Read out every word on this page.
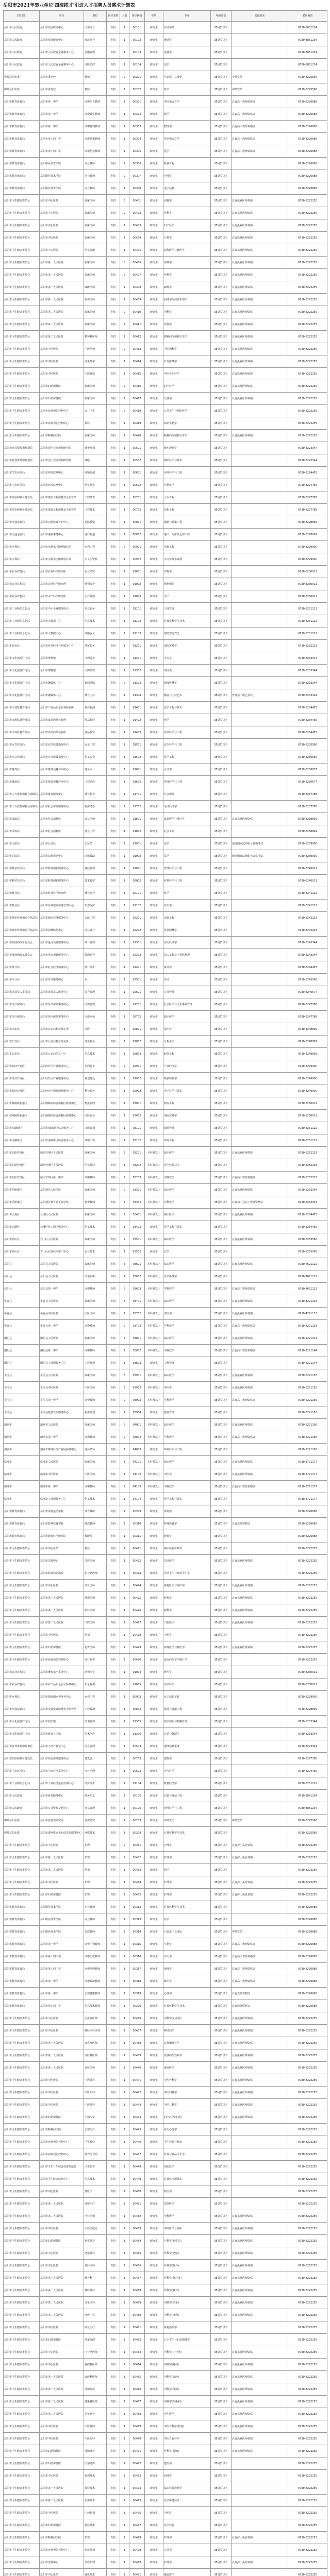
岳阳市2021年事业单位'四海揽才'引进人才招聘人员需求计划表
主管部门	单位	职位	岗位类别	人数	岗位代码	学历	专业	年龄要求	其他要求	联系电话
岳阳市人民政府	岳阳市发展研究中心	文字综合	专技	1	00101	研究生	经济学类	35周岁以下		0730-8881234
岳阳市人民政府	岳阳市发展研究中心	经济研究	专技	1	00102	研究生	统计学	35周岁以下		0730-8881234
岳阳市人民政府	岳阳市人民政府金融事务中心	金融管理	专技	1	00103	研究生	金融学	35周岁以下		0730-8881234
岳阳市人民政府	岳阳市人民政府金融事务中心	风险防控	专技	1	00104	研究生	法学	35周岁以下		0730-8881234
中共岳阳市委	岳阳市委党校	教师	专技	2	00201	研究生	马克思主义理论	35周岁以下	中共党员	0730-8225566
中共岳阳市委	岳阳市委党校	教师	专技	1	00202	研究生	哲学	35周岁以下	中共党员	0730-8225566
岳阳市教育体育局	岳阳市第一中学	高中语文教师	专技	1	00301	研究生	中国语言文学	35周岁以下	具有高中教师资格证	0730-8226688
岳阳市教育体育局	岳阳市第一中学	高中数学教师	专技	1	00302	研究生	数学	35周岁以下	具有高中教师资格证	0730-8226688
岳阳市教育体育局	岳阳市第一中学	高中物理教师	专技	1	00303	研究生	物理学	35周岁以下	具有高中教师资格证	0730-8226688
岳阳市教育体育局	岳阳市第十四中学	高中英语教师	专技	1	00304	研究生	英语语言文学	35周岁以下	具有高中教师资格证	0730-8226688
岳阳市教育体育局	岳阳市第十四中学	高中化学教师	专技	1	00305	研究生	化学	35周岁以下	具有高中教师资格证	0730-8226688
岳阳市教育体育局	岳阳职业技术学院	专业教师	专技	2	00306	研究生	机械工程	35周岁以下		0730-8226688
岳阳市教育体育局	岳阳职业技术学院	专业教师	专技	2	00307	研究生	护理学	35周岁以下		0730-8226688
岳阳市教育体育局	岳阳职业技术学院	专业教师	专技	1	00308	研究生	电子信息	35周岁以下		0730-8226688
岳阳市卫生健康委员会	岳阳市中心医院	临床医师	专技	3	00401	研究生	内科学	35周岁以下	具有执业医师资格	0730-8222255
岳阳市卫生健康委员会	岳阳市中心医院	临床医师	专技	2	00402	研究生	外科学	35周岁以下	具有执业医师资格	0730-8222255
岳阳市卫生健康委员会	岳阳市中心医院	临床医师	专技	1	00403	研究生	妇产科学	35周岁以下	具有执业医师资格	0730-8222255
岳阳市卫生健康委员会	岳阳市中心医院	临床医师	专技	1	00404	研究生	儿科学	35周岁以下	具有执业医师资格	0730-8222255
岳阳市卫生健康委员会	岳阳市中心医院	医学影像	专技	1	00405	研究生	影像医学与核医学	35周岁以下	具有执业医师资格	0730-8222255
岳阳市卫生健康委员会	岳阳市第一人民医院	临床医师	专技	3	00406	研究生	内科学	35周岁以下	具有执业医师资格	0730-8222255
岳阳市卫生健康委员会	岳阳市第一人民医院	临床医师	专技	2	00407	研究生	外科学	35周岁以下	具有执业医师资格	0730-8222255
岳阳市卫生健康委员会	岳阳市第一人民医院	麻醉医师	专技	1	00408	研究生	麻醉学	35周岁以下	具有执业医师资格	0730-8222255
岳阳市卫生健康委员会	岳阳市第一人民医院	病理医师	专技	1	00409	研究生	病理学与病理生理学	35周岁以下	具有执业医师资格	0730-8222255
岳阳市卫生健康委员会	岳阳市第二人民医院	临床医师	专技	2	00410	研究生	内科学	35周岁以下	具有执业医师资格	0730-8222255
岳阳市卫生健康委员会	岳阳市第二人民医院	临床医师	专技	2	00411	研究生	外科学	35周岁以下	具有执业医师资格	0730-8222255
岳阳市卫生健康委员会	岳阳市第二人民医院	精神科医师	专技	1	00412	研究生	精神病与精神卫生学	35周岁以下	具有执业医师资格	0730-8222255
岳阳市卫生健康委员会	岳阳市中医医院	中医医师	专技	2	00413	研究生	中医内科学	35周岁以下	具有执业医师资格	0730-8222255
岳阳市卫生健康委员会	岳阳市中医医院	针灸推拿	专技	1	00414	研究生	针灸推拿学	35周岁以下	具有执业医师资格	0730-8222255
岳阳市卫生健康委员会	岳阳市中医医院	中医骨伤	专技	1	00415	研究生	中医骨伤科学	35周岁以下	具有执业医师资格	0730-8222255
岳阳市卫生健康委员会	岳阳市妇幼保健院	临床医师	专技	2	00416	研究生	妇产科学	35周岁以下	具有执业医师资格	0730-8222255
岳阳市卫生健康委员会	岳阳市妇幼保健院	临床医师	专技	1	00417	研究生	儿科学	35周岁以下	具有执业医师资格	0730-8222255
岳阳市卫生健康委员会	岳阳市疾病预防控制中心	公共卫生	专技	2	00418	研究生	公共卫生与预防医学	35周岁以下		0730-8222255
岳阳市卫生健康委员会	岳阳市疾病预防控制中心	检验	专技	1	00419	研究生	病原生物学	35周岁以下		0730-8222255
岳阳市卫生健康委员会	岳阳市精神病医院	临床医师	专技	1	00420	研究生	精神病与精神卫生学	35周岁以下	具有执业医师资格	0730-8222255
岳阳市自然资源和规划局	岳阳市国土空间规划研究院	城乡规划	专技	1	00501	研究生	城乡规划学	35周岁以下		0730-8223344
岳阳市自然资源和规划局	岳阳市国土空间规划研究院	测绘	专技	1	00502	研究生	测绘科学与技术	35周岁以下		0730-8223344
岳阳市生态环境局	岳阳市环境监测中心	环境监测	专技	1	00601	研究生	环境科学与工程	35周岁以下		0730-8224455
岳阳市生态环境局	岳阳市环境监测中心	化学分析	专技	1	00602	研究生	分析化学	35周岁以下		0730-8224455
岳阳市住房和城乡建设局	岳阳市建设工程质量安全监督站	工程技术	专技	1	00701	研究生	土木工程	35周岁以下		0730-8227788
岳阳市住房和城乡建设局	岳阳市建设工程质量安全监督站	工程技术	专技	1	00702	研究生	结构工程	35周岁以下		0730-8227788
岳阳市交通运输局	岳阳市公路建设养护中心	道路桥梁	专技	1	00801	研究生	道路与铁道工程	35周岁以下		0730-8228899
岳阳市交通运输局	岳阳市港航事务中心	港口航道	专技	1	00802	研究生	港口、海岸及近海工程	35周岁以下		0730-8228899
岳阳市水利局	岳阳市水利水电勘测设计院	水利工程	专技	2	00901	研究生	水利工程	35周岁以下		0730-8229900
岳阳市水利局	岳阳市水利水电勘测设计院	水文水资源	专技	1	00902	研究生	水文学及水资源	35周岁以下		0730-8229900
岳阳市农业农村局	岳阳市农业科学研究所	农业研究	专技	1	01001	研究生	作物学	35周岁以下		0730-8230011
岳阳市农业农村局	岳阳市农业科学研究所	植物保护	专技	1	01002	研究生	植物保护	35周岁以下		0730-8230011
岳阳市农业农村局	岳阳市水产科学研究所	水产养殖	专技	1	01003	研究生	水产	35周岁以下		0730-8230011
岳阳市工业和信息化局	岳阳市中小企业服务中心	企业服务	专技	1	01101	研究生	工商管理	35周岁以下		0730-8231122
岳阳市工业和信息化局	岳阳市大数据中心	信息技术	专技	1	01102	研究生	计算机科学与技术	35周岁以下		0730-8231122
岳阳市工业和信息化局	岳阳市大数据中心	网络安全	专技	1	01103	研究生	网络空间安全	35周岁以下		0730-8231122
岳阳市商务局	岳阳市对外经济合作服务中心	外贸服务	专技	1	01201	研究生	国际贸易学	35周岁以下		0730-8232233
岳阳市文化旅游广电局	岳阳市博物馆	文物保护	专技	1	01301	研究生	考古学	35周岁以下		0730-8233344
岳阳市文化旅游广电局	岳阳市博物馆	文博研究	专技	1	01302	研究生	中国史	35周岁以下		0730-8233344
岳阳市文化旅游广电局	岳阳市融媒体中心	新闻采编	专技	2	01303	研究生	新闻传播学	35周岁以下		0730-8233344
岳阳市文化旅游广电局	岳阳市融媒体中心	播音主持	专技	1	01304	研究生	播音与主持艺术	35周岁以下	普通话一级乙等以上	0730-8233344
岳阳市市场监督管理局	岳阳市产商品质量监督检验所	检验检测	专技	1	01401	研究生	化学工程与技术	35周岁以下		0730-8234455
岳阳市市场监督管理局	岳阳市食品药品检验所	药品检验	专技	1	01402	研究生	药学	35周岁以下		0730-8234455
岳阳市市场监督管理局	岳阳市食品药品检验所	食品检验	专技	1	01403	研究生	食品科学与工程	35周岁以下		0730-8234455
岳阳市应急管理局	岳阳市应急救援指挥中心	安全工程	专技	1	01501	研究生	安全科学与工程	35周岁以下		0730-8235566
岳阳市应急管理局	岳阳市应急救援指挥中心	化工安全	专技	1	01502	研究生	化学工程	35周岁以下		0730-8235566
岳阳市财政局	岳阳市财政预算评审中心	财务审计	专技	1	01601	研究生	会计学	35周岁以下		0730-8236677
岳阳市财政局	岳阳市财政预算评审中心	工程造价	专技	1	01602	研究生	管理科学与工程	35周岁以下		0730-8236677
岳阳市人力资源和社会保障局	岳阳市就业服务中心	就业服务	专技	1	01701	研究生	社会保障	35周岁以下		0730-8237788
岳阳市人力资源和社会保障局	岳阳市社会保险服务中心	社保经办	专技	1	01702	研究生	劳动经济学	35周岁以下		0730-8237788
岳阳市民政局	岳阳市社会福利院	康复医师	专技	1	01801	研究生	康复医学与理疗学	35周岁以下	具有执业医师资格	0730-8238899
岳阳市民政局	岳阳市社会福利院	社会工作	专技	1	01802	研究生	社会工作	35周岁以下		0730-8238899
岳阳市司法局	岳阳市公证处	公证员	专技	1	01901	研究生	法学	35周岁以下	通过国家法律职业资格考试	0730-8239900
岳阳市司法局	岳阳市法律援助中心	法律援助	专技	1	01902	研究生	法学	35周岁以下	通过国家法律职业资格考试	0730-8239900
岳阳市科学技术局	岳阳市科技创新服务中心	科技管理	专技	1	02001	研究生	管理科学与工程	35周岁以下		0730-8240011
岳阳市科学技术局	岳阳市科技创新服务中心	技术转移	专技	1	02002	研究生	材料科学与工程	35周岁以下		0730-8240011
岳阳市林业局	岳阳市林业科学研究所	林业研究	专技	1	02101	研究生	林学	35周岁以下		0730-8241122
岳阳市林业局	岳阳市东洞庭湖湿地管理中心	生态保护	专技	1	02102	研究生	生态学	35周岁以下		0730-8241122
岳阳市城市管理和综合执法局	岳阳市城市管理服务中心	市政工程	专技	1	02201	研究生	市政工程	35周岁以下		0730-8242233
岳阳市城市管理和综合执法局	岳阳市园林绿化中心	园林设计	专技	1	02202	研究生	风景园林学	35周岁以下		0730-8242233
岳阳市发展和改革委员会	岳阳市重点项目服务中心	项目管理	专技	1	02301	研究生	应用经济学	35周岁以下		0730-8243344
岳阳市发展和改革委员会	岳阳市重点项目服务中心	能源研究	专技	1	02302	研究生	动力工程及工程热物理	35周岁以下		0730-8243344
岳阳市统计局	岳阳市社会经济调查中心	统计分析	专技	1	02401	研究生	统计学	35周岁以下		0730-8244455
岳阳市审计局	岳阳市审计服务中心	审计	专技	1	02501	研究生	审计	35周岁以下		0730-8245566
岳阳市退役军人事务局	岳阳市退役军人服务中心	综合管理	专技	1	02601	研究生	公共管理	35周岁以下		0730-8246677
岳阳市医疗保障局	岳阳市医疗保障事务中心	医保管理	专技	1	02701	研究生	社会医学与卫生事业管理	35周岁以下		0730-8247788
岳阳市医疗保障局	岳阳市医疗保障事务中心	医保审核	专技	1	02702	研究生	临床医学	35周岁以下		0730-8247788
岳阳市公安局	岳阳市公安局物证鉴定所	法医	专技	1	02801	研究生	法医学	35周岁以下		0730-8248899
岳阳市公安局	岳阳市公安局物证鉴定所	理化检验	专技	1	02802	研究生	分析化学	35周岁以下		0730-8248899
岳阳市公安局	岳阳市公安局信息中心	信息技术	专技	1	02803	研究生	软件工程	35周岁以下		0730-8248899
岳阳市经济开发区	岳阳经开区产业服务中心	招商服务	专技	2	02901	研究生	产业经济学	35周岁以下		0730-8249900
岳阳市经济开发区	岳阳经开区产业服务中心	规划建设	专技	1	02902	研究生	城乡规划学	35周岁以下		0730-8249900
岳阳市经济开发区	岳阳经开区创新创业服务中心	科技服务	专技	1	02903	研究生	电子科学与技术	35周岁以下		0730-8249900
岳阳市城陵矶新港区	岳阳城陵矶综合保税区服务中心	物流管理	专技	1	03001	研究生	物流工程	35周岁以下		0730-8250011
岳阳市城陵矶新港区	岳阳城陵矶综合保税区服务中心	国际贸易	专技	1	03002	研究生	国际贸易学	35周岁以下		0730-8250011
岳阳市南湖新区	岳阳市南湖新区综合服务中心	文旅策划	专技	1	03101	研究生	旅游管理	35周岁以下		0730-8251122
岳阳市南湖新区	岳阳市南湖新区综合服务中心	环境工程	专技	1	03102	研究生	环境工程	35周岁以下		0730-8251122
岳阳市屈原管理区	屈原管理区人民医院	临床医师	专技	2	03201	本科及以上	临床医学	35周岁以下	具有执业医师资格	0730-8252233
岳阳市屈原管理区	屈原管理区人民医院	医学检验	专技	1	03202	本科及以上	医学检验技术	35周岁以下		0730-8252233
岳阳市屈原管理区	屈原管理区第一中学	高中教师	专技	2	03203	本科及以上	学科教学	35周岁以下	具有高中教师资格证	0730-8252233
岳阳市岳阳楼区	岳阳楼区人民医院	临床医师	专技	2	03301	本科及以上	临床医学	35周岁以下	具有执业医师资格	0730-8253344
岳阳市岳阳楼区	岳阳楼区教育局下属学校	初中教师	专技	3	03302	本科及以上	学科教学	35周岁以下	具有初中及以上教师资格证	0730-8253344
岳阳市云溪区	云溪区人民医院	临床医师	专技	2	03401	本科及以上	临床医学	35周岁以下	具有执业医师资格	0730-8254455
岳阳市云溪区	云溪区化工园区服务中心	化工技术	专技	1	03402	研究生	化学工程与技术	35周岁以下		0730-8254455
岳阳市君山区	君山区人民医院	临床医师	专技	2	03501	本科及以上	临床医学	35周岁以下	具有执业医师资格	0730-8255566
岳阳市君山区	君山区农业技术推广中心	农业技术	专技	1	03502	研究生	农学	35周岁以下		0730-8255566
岳阳县	岳阳县人民医院	临床医师	专技	3	03601	本科及以上	临床医学	35周岁以下	具有执业医师资格	0730-7621122
岳阳县	岳阳县人民医院	医学影像	专技	1	03602	本科及以上	医学影像学	35周岁以下		0730-7621122
岳阳县	岳阳县第一中学	高中教师	专技	3	03603	本科及以上	学科教学	35周岁以下	具有高中教师资格证	0730-7621122
华容县	华容县人民医院	临床医师	专技	3	03701	本科及以上	临床医学	35周岁以下	具有执业医师资格	0730-4221133
华容县	华容县中医医院	中医医师	专技	1	03702	本科及以上	中医学	35周岁以下	具有执业医师资格	0730-4221133
华容县	华容县第一中学	高中教师	专技	2	03703	本科及以上	学科教学	35周岁以下	具有高中教师资格证	0730-4221133
湘阴县	湘阴县人民医院	临床医师	专技	3	03801	本科及以上	临床医学	35周岁以下	具有执业医师资格	0730-2221144
湘阴县	湘阴县第一中学	高中教师	专技	2	03802	本科及以上	学科教学	35周岁以下	具有高中教师资格证	0730-2221144
湘阴县	湘阴县工业园服务中心	工程管理	专技	1	03803	研究生	工程管理	35周岁以下		0730-2221144
平江县	平江县人民医院	临床医师	专技	3	03901	本科及以上	临床医学	35周岁以下	具有执业医师资格	0730-6221155
平江县	平江县中医医院	中医医师	专技	2	03902	本科及以上	中医学	35周岁以下	具有执业医师资格	0730-6221155
平江县	平江县第一中学	高中教师	专技	2	03903	本科及以上	学科教学	35周岁以下	具有高中教师资格证	0730-6221155
平江县	平江县旅游发展服务中心	旅游规划	专技	1	03904	研究生	旅游管理	35周岁以下		0730-6221155
汨罗市	汨罗市人民医院	临床医师	专技	3	04001	本科及以上	临床医学	35周岁以下	具有执业医师资格	0730-5221166
汨罗市	汨罗市第一中学	高中教师	专技	2	04002	本科及以上	学科教学	35周岁以下	具有高中教师资格证	0730-5221166
汨罗市	汨罗市循环经济产业园服务中心	资源循环	专技	1	04003	研究生	环境科学与工程	35周岁以下		0730-5221166
临湘市	临湘市人民医院	临床医师	专技	3	04101	本科及以上	临床医学	35周岁以下	具有执业医师资格	0730-3721177
临湘市	临湘市中医医院	中医医师	专技	1	04102	本科及以上	中医学	35周岁以下	具有执业医师资格	0730-3721177
临湘市	临湘市第一中学	高中教师	专技	2	04103	本科及以上	学科教学	35周岁以下	具有高中教师资格证	0730-3721177
临湘市	临湘市工业园服务中心	化工技术	专技	1	04104	研究生	化学工程与技术	35周岁以下		0730-3721177
岳阳市教育体育局	岳阳市体育运动学校	体育教练	专技	1	00309	研究生	体育学	35周岁以下		0730-8226688
岳阳市教育体育局	岳阳市特殊教育学校	特教教师	专技	1	00310	研究生	特殊教育学	35周岁以下	具有教师资格证	0730-8226688
岳阳市教育体育局	岳阳市教育科学研究院	教研员	专技	1	00311	研究生	教育学	35周岁以下		0730-8226688
岳阳市卫生健康委员会	岳阳市中心血站	检验	专技	1	00421	研究生	临床检验诊断学	35周岁以下		0730-8222255
岳阳市卫生健康委员会	岳阳市急救中心	急诊医师	专技	1	00422	研究生	急诊医学	35周岁以下	具有执业医师资格	0730-8222255
岳阳市卫生健康委员会	岳阳市职业病防治院	职业病医师	专技	1	00423	研究生	劳动卫生与环境卫生学	35周岁以下		0730-8222255
岳阳市卫生健康委员会	岳阳市中心医院	康复医师	专技	1	00424	研究生	康复医学与理疗学	35周岁以下	具有执业医师资格	0730-8222255
岳阳市卫生健康委员会	岳阳市第一人民医院	肿瘤医师	专技	1	00425	研究生	肿瘤学	35周岁以下	具有执业医师资格	0730-8222255
岳阳市卫生健康委员会	岳阳市第一人民医院	眼科医师	专技	1	00426	研究生	眼科学	35周岁以下	具有执业医师资格	0730-8222255
岳阳市卫生健康委员会	岳阳市第二人民医院	口腔医师	专技	1	00427	研究生	口腔医学	35周岁以下	具有执业医师资格	0730-8222255
岳阳市卫生健康委员会	岳阳市中医医院	药剂	专技	1	00428	研究生	中药学	35周岁以下		0730-8222255
岳阳市卫生健康委员会	岳阳市妇幼保健院	超声医师	专技	1	00429	研究生	影像医学与核医学	35周岁以下	具有执业医师资格	0730-8222255
岳阳市卫生健康委员会	岳阳市疾病预防控制中心	流行病学	专技	1	00430	研究生	流行病与卫生统计学	35周岁以下		0730-8222255
岳阳市农业农村局	岳阳市畜牧水产事务中心	动物医学	专技	1	01004	研究生	兽医学	35周岁以下		0730-8230011
岳阳市农业农村局	岳阳市农产品质量安全检测中心	质量检测	专技	1	01005	研究生	食品科学	35周岁以下		0730-8230011
岳阳市水利局	岳阳市洞庭湖水利事务中心	水利工程	专技	1	00903	研究生	水工结构工程	35周岁以下		0730-8229900
岳阳市交通运输局	岳阳市交通建设质量安全监督站	工程检测	专技	1	00803	研究生	桥梁与隧道工程	35周岁以下		0730-8228899
岳阳市文化旅游广电局	岳阳市图书馆	图书管理	专技	1	01305	研究生	图书情报与档案管理	35周岁以下		0730-8233344
岳阳市文化旅游广电局	岳阳市群众艺术馆	艺术创作	专技	1	01306	研究生	音乐与舞蹈学	35周岁以下		0730-8233344
岳阳市自然资源和规划局	岳阳市不动产登记中心	信息管理	专技	1	00503	研究生	地理信息系统	35周岁以下		0730-8223344
岳阳市住房和城乡建设局	岳阳市住房保障服务中心	建筑设计	专技	1	00703	研究生	建筑学	35周岁以下		0730-8227788
岳阳市生态环境局	岳阳市生态环境事务中心	大气治理	专技	1	00603	研究生	大气科学	35周岁以下		0730-8224455
岳阳市工业和信息化局	岳阳市工业经济运行监测中心	经济分析	专技	1	01104	研究生	数量经济学	35周岁以下		0730-8231122
岳阳市人民政府	岳阳市政务服务中心	政务信息	专技	1	00105	研究生	信息与通信工程	35周岁以下		0730-8881234
岳阳市人民政府	岳阳市公共资源交易中心	交易管理	专技	1	00106	研究生	管理科学与工程	35周岁以下		0730-8881234
中共岳阳市委	岳阳市委党史研究室	党史研究	专技	1	00203	研究生	中共党史	35周岁以下	中共党员	0730-8225566
中共岳阳市委	岳阳市委网络安全和信息化服务中心	网络技术	专技	1	00204	研究生	计算机科学与技术	35周岁以下		0730-8225566
岳阳市卫生健康委员会	岳阳市中心医院	护理	专技	2	00431	研究生	护理学	35周岁以下	具有护士执业资格	0730-8222255
岳阳市卫生健康委员会	岳阳市第一人民医院	护理	专技	2	00432	研究生	护理学	35周岁以下	具有护士执业资格	0730-8222255
岳阳市卫生健康委员会	岳阳市第二人民医院	药剂	专技	1	00433	研究生	药学	35周岁以下		0730-8222255
岳阳市卫生健康委员会	岳阳市中医医院	护理	专技	1	00434	研究生	护理学	35周岁以下	具有护士执业资格	0730-8222255
岳阳市卫生健康委员会	岳阳市妇幼保健院	护理	专技	1	00435	研究生	护理学	35周岁以下	具有护士执业资格	0730-8222255
岳阳市教育体育局	岳阳职业技术学院	专业教师	专技	1	00312	研究生	计算机科学与技术	35周岁以下		0730-8226688
岳阳市教育体育局	岳阳职业技术学院	专业教师	专技	1	00313	研究生	药学	35周岁以下		0730-8226688
岳阳市教育体育局	岳阳职业技术学院	思政教师	专技	1	00314	研究生	马克思主义理论	35周岁以下	中共党员	0730-8226688
岳阳市教育体育局	岳阳市第一中学	高中生物教师	专技	1	00315	研究生	生物学	35周岁以下	具有高中教师资格证	0730-8226688
岳阳市教育体育局	岳阳市第十四中学	高中历史教师	专技	1	00316	研究生	历史学	35周岁以下	具有高中教师资格证	0730-8226688
岳阳市教育体育局	岳阳市第十四中学	高中地理教师	专技	1	00317	研究生	地理学	35周岁以下	具有高中教师资格证	0730-8226688
岳阳市教育体育局	岳阳市第一中学	高中政治教师	专技	1	00318	研究生	政治学	35周岁以下	具有高中教师资格证	0730-8226688
岳阳市教育体育局	岳阳市第一中学	心理健康教师	专技	1	00319	研究生	心理学	35周岁以下	具有教师资格证	0730-8226688
岳阳市教育体育局	岳阳市第十四中学	信息技术教师	专技	1	00320	研究生	计算机科学与技术	35周岁以下	具有教师资格证	0730-8226688
岳阳市卫生健康委员会	岳阳市中心医院	心血管医师	专技	1	00436	研究生	内科学(心血管)	35周岁以下	具有执业医师资格	0730-8222255
岳阳市卫生健康委员会	岳阳市中心医院	神经内科医师	专技	1	00437	研究生	神经病学	35周岁以下	具有执业医师资格	0730-8222255
岳阳市卫生健康委员会	岳阳市第一人民医院	耳鼻喉医师	专技	1	00438	研究生	耳鼻咽喉科学	35周岁以下	具有执业医师资格	0730-8222255
岳阳市卫生健康委员会	岳阳市第一人民医院	皮肤科医师	专技	1	00439	研究生	皮肤病与性病学	35周岁以下	具有执业医师资格	0730-8222255
岳阳市卫生健康委员会	岳阳市第二人民医院	重症医师	专技	1	00440	研究生	重症医学	35周岁以下	具有执业医师资格	0730-8222255
岳阳市卫生健康委员会	岳阳市中医医院	中医外科	专技	1	00441	研究生	中医外科学	35周岁以下	具有执业医师资格	0730-8222255
岳阳市卫生健康委员会	岳阳市中医医院	中医妇科	专技	1	00442	研究生	中医妇科学	35周岁以下	具有执业医师资格	0730-8222255
岳阳市卫生健康委员会	岳阳市中医医院	中医儿科	专技	1	00443	研究生	中医儿科学	35周岁以下	具有执业医师资格	0730-8222255
岳阳市卫生健康委员会	岳阳市妇幼保健院	生殖医学	专技	1	00444	研究生	妇产科学(生殖)	35周岁以下	具有执业医师资格	0730-8222255
岳阳市卫生健康委员会	岳阳市精神病医院	心理治疗	专技	1	00445	研究生	应用心理学	35周岁以下		0730-8222255
岳阳市卫生健康委员会	岳阳市疾病预防控制中心	卫生检验	专技	1	00446	研究生	卫生检验与检疫	35周岁以下		0730-8222255
岳阳市卫生健康委员会	岳阳市疾病预防控制中心	营养与食品	专技	1	00447	研究生	营养与食品卫生学	35周岁以下		0730-8222255
岳阳市卫生健康委员会	岳阳市卫生计生综合监督执法局	卫生监督	专技	1	00448	研究生	预防医学	35周岁以下		0730-8222255
岳阳市卫生健康委员会	岳阳市卫生健康信息中心	信息技术	专技	1	00449	研究生	计算机应用技术	35周岁以下		0730-8222255
岳阳市卫生健康委员会	岳阳市中心医院	核医学	专技	1	00450	研究生	核医学	35周岁以下		0730-8222255
岳阳市卫生健康委员会	岳阳市第一人民医院	放射治疗	专技	1	00451	研究生	放射医学	35周岁以下		0730-8222255
岳阳市卫生健康委员会	岳阳市第二人民医院	全科医师	专技	1	00452	研究生	全科医学	35周岁以下	具有执业医师资格	0730-8222255
岳阳市卫生健康委员会	岳阳市中医医院	中西医结合	专技	1	00453	研究生	中西医结合临床	35周岁以下	具有执业医师资格	0730-8222255
岳阳市卫生健康委员会	岳阳市妇幼保健院	新生儿科	专技	1	00454	研究生	儿科学(新生儿)	35周岁以下	具有执业医师资格	0730-8222255
岳阳市卫生健康委员会	岳阳市中心医院	泌尿外科	专技	1	00455	研究生	外科学(泌尿)	35周岁以下	具有执业医师资格	0730-8222255
岳阳市卫生健康委员会	岳阳市中心医院	骨科医师	专技	1	00456	研究生	外科学(骨外)	35周岁以下	具有执业医师资格	0730-8222255
岳阳市卫生健康委员会	岳阳市第一人民医院	胸外科	专技	1	00457	研究生	外科学(胸心外)	35周岁以下	具有执业医师资格	0730-8222255
岳阳市卫生健康委员会	岳阳市第一人民医院	神经外科	专技	1	00458	研究生	外科学(神外)	35周岁以下	具有执业医师资格	0730-8222255
岳阳市卫生健康委员会	岳阳市第二人民医院	消化内科	专技	1	00459	研究生	内科学(消化)	35周岁以下	具有执业医师资格	0730-8222255
岳阳市卫生健康委员会	岳阳市第二人民医院	呼吸内科	专技	1	00460	研究生	内科学(呼吸)	35周岁以下	具有执业医师资格	0730-8222255
岳阳市卫生健康委员会	岳阳市中医医院	康复治疗	专技	1	00461	研究生	康复治疗学	35周岁以下		0730-8222255
岳阳市卫生健康委员会	岳阳市妇幼保健院	儿童保健	专技	1	00462	研究生	儿少卫生与妇幼保健学	35周岁以下		0730-8222255
岳阳市卫生健康委员会	岳阳市中心医院	内分泌医师	专技	1	00463	研究生	内科学(内分泌)	35周岁以下	具有执业医师资格	0730-8222255
岳阳市卫生健康委员会	岳阳市中心医院	肾内科医师	专技	1	00464	研究生	内科学(肾病)	35周岁以下	具有执业医师资格	0730-8222255
岳阳市卫生健康委员会	岳阳市第一人民医院	血液科医师	专技	1	00465	研究生	内科学(血液)	35周岁以下	具有执业医师资格	0730-8222255
岳阳市卫生健康委员会	岳阳市第一人民医院	风湿免疫	专技	1	00466	研究生	内科学(风湿)	35周岁以下	具有执业医师资格	0730-8222255
岳阳市卫生健康委员会	岳阳市第二人民医院	感染科医师	专技	1	00467	研究生	内科学(传染病)	35周岁以下	具有执业医师资格	0730-8222255
岳阳市卫生健康委员会	岳阳市第二人民医院	老年病科	专技	1	00468	研究生	老年医学	35周岁以下	具有执业医师资格	0730-8222255
岳阳市卫生健康委员会	岳阳市中医医院	中医肛肠	专技	1	00469	研究生	中医外科学(肛肠)	35周岁以下	具有执业医师资格	0730-8222255
岳阳市卫生健康委员会	岳阳市中医医院	中医眼科	专技	1	00470	研究生	中医五官科学	35周岁以下	具有执业医师资格	0730-8222255
岳阳市卫生健康委员会	岳阳市妇幼保健院	乳腺外科	专技	1	00471	研究生	外科学(乳腺)	35周岁以下	具有执业医师资格	0730-8222255
岳阳市卫生健康委员会	岳阳市妇幼保健院	医学遗传	专技	1	00472	研究生	遗传学	35周岁以下		0730-8222255
岳阳市卫生健康委员会	岳阳市中心医院	病理技术	专技	1	00473	研究生	病理学	35周岁以下		0730-8222255
岳阳市卫生健康委员会	岳阳市第一人民医院	检验技术	专技	1	00474	研究生	临床检验诊断学	35周岁以下		0730-8222255
岳阳市卫生健康委员会	岳阳市第二人民医院	影像技术	专技	1	00475	研究生	医学影像技术	35周岁以下		0730-8222255
岳阳市卫生健康委员会	岳阳市中医医院	中药制剂	专技	1	00476	研究生	中药学	35周岁以下		0730-8222255
岳阳市卫生健康委员会	岳阳市妇幼保健院	检验技术	专技	1	00477	研究生	医学检验	35周岁以下		0730-8222255
岳阳市卫生健康委员会	岳阳市精神病医院	护理	专技	1	00478	研究生	护理学	35周岁以下	具有护士执业资格	0730-8222255
岳阳市卫生健康委员会	岳阳市疾病预防控制中心	免疫规划	专技	1	00479	研究生	公共卫生	35周岁以下		0730-8222255
岳阳市卫生健康委员会	岳阳市急救中心	急诊护理	专技	1	00480	研究生	护理学	35周岁以下	具有护士执业资格	0730-8222255
岳阳市卫生健康委员会	岳阳市中心血站	输血技术	专技	1	00481	研究生	输血医学	35周岁以下		0730-8222255
